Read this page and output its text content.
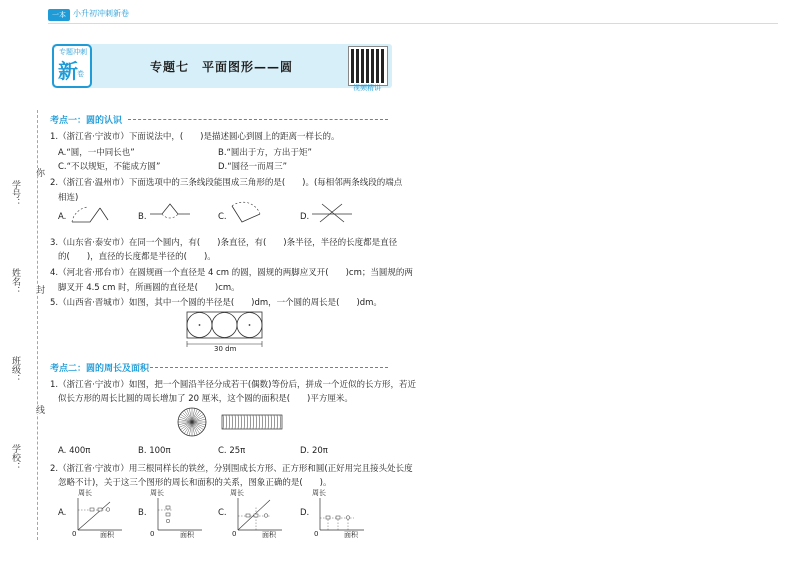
学号：
姓名：
班级：
学校：
你
封
线
一本 小升初冲刺新卷
专题冲刺
新 卷	专题七　平面图形——圆
视频精讲
考点一：圆的认识
1.（浙江省·宁波市）下面说法中，(　　)是描述圆心到圆上的距离一样长的。
A.“圆，一中同长也”	B.“圆出于方，方出于矩”
C.“不以规矩，不能成方圆”	D.“圆径一而周三”
2.（浙江省·温州市）下面选项中的三条线段能围成三角形的是(　　)。(每相邻两条线段的端点
相连)
A.	B.	C.	D.
3.（山东省·泰安市）在同一个圆内，有(　　)条直径，有(　　)条半径，半径的长度都是直径
的(　　)，直径的长度都是半径的(　　)。
4.（河北省·邢台市）在圆规画一个直径是 4 cm 的圆，圆规的两脚应叉开(　　)cm；当圆规的两
脚叉开 4.5 cm 时，所画圆的直径是(　　)cm。
5.（山西省·晋城市）如图，其中一个圆的半径是(　　)dm，一个圆的周长是(　　)dm。
30 dm
考点二：圆的周长及面积
1.（浙江省·宁波市）如图，把一个圆沿半径分成若干(偶数)等份后，拼成一个近似的长方形，若近
似长方形的周长比圆的周长增加了 20 厘米，这个圆的面积是(　　)平方厘米。
A. 400π	B. 100π	C. 25π	D. 20π
2.（浙江省·宁波市）用三根同样长的铁丝，分别围成长方形、正方形和圆(正好用完且接头处长度
忽略不计)，关于这三个图形的周长和面积的关系，图象正确的是(　　)。
A.	B.	C.	D.
周长
面积
0
周长
面积
0
周长
面积
0
周长
面积
0
